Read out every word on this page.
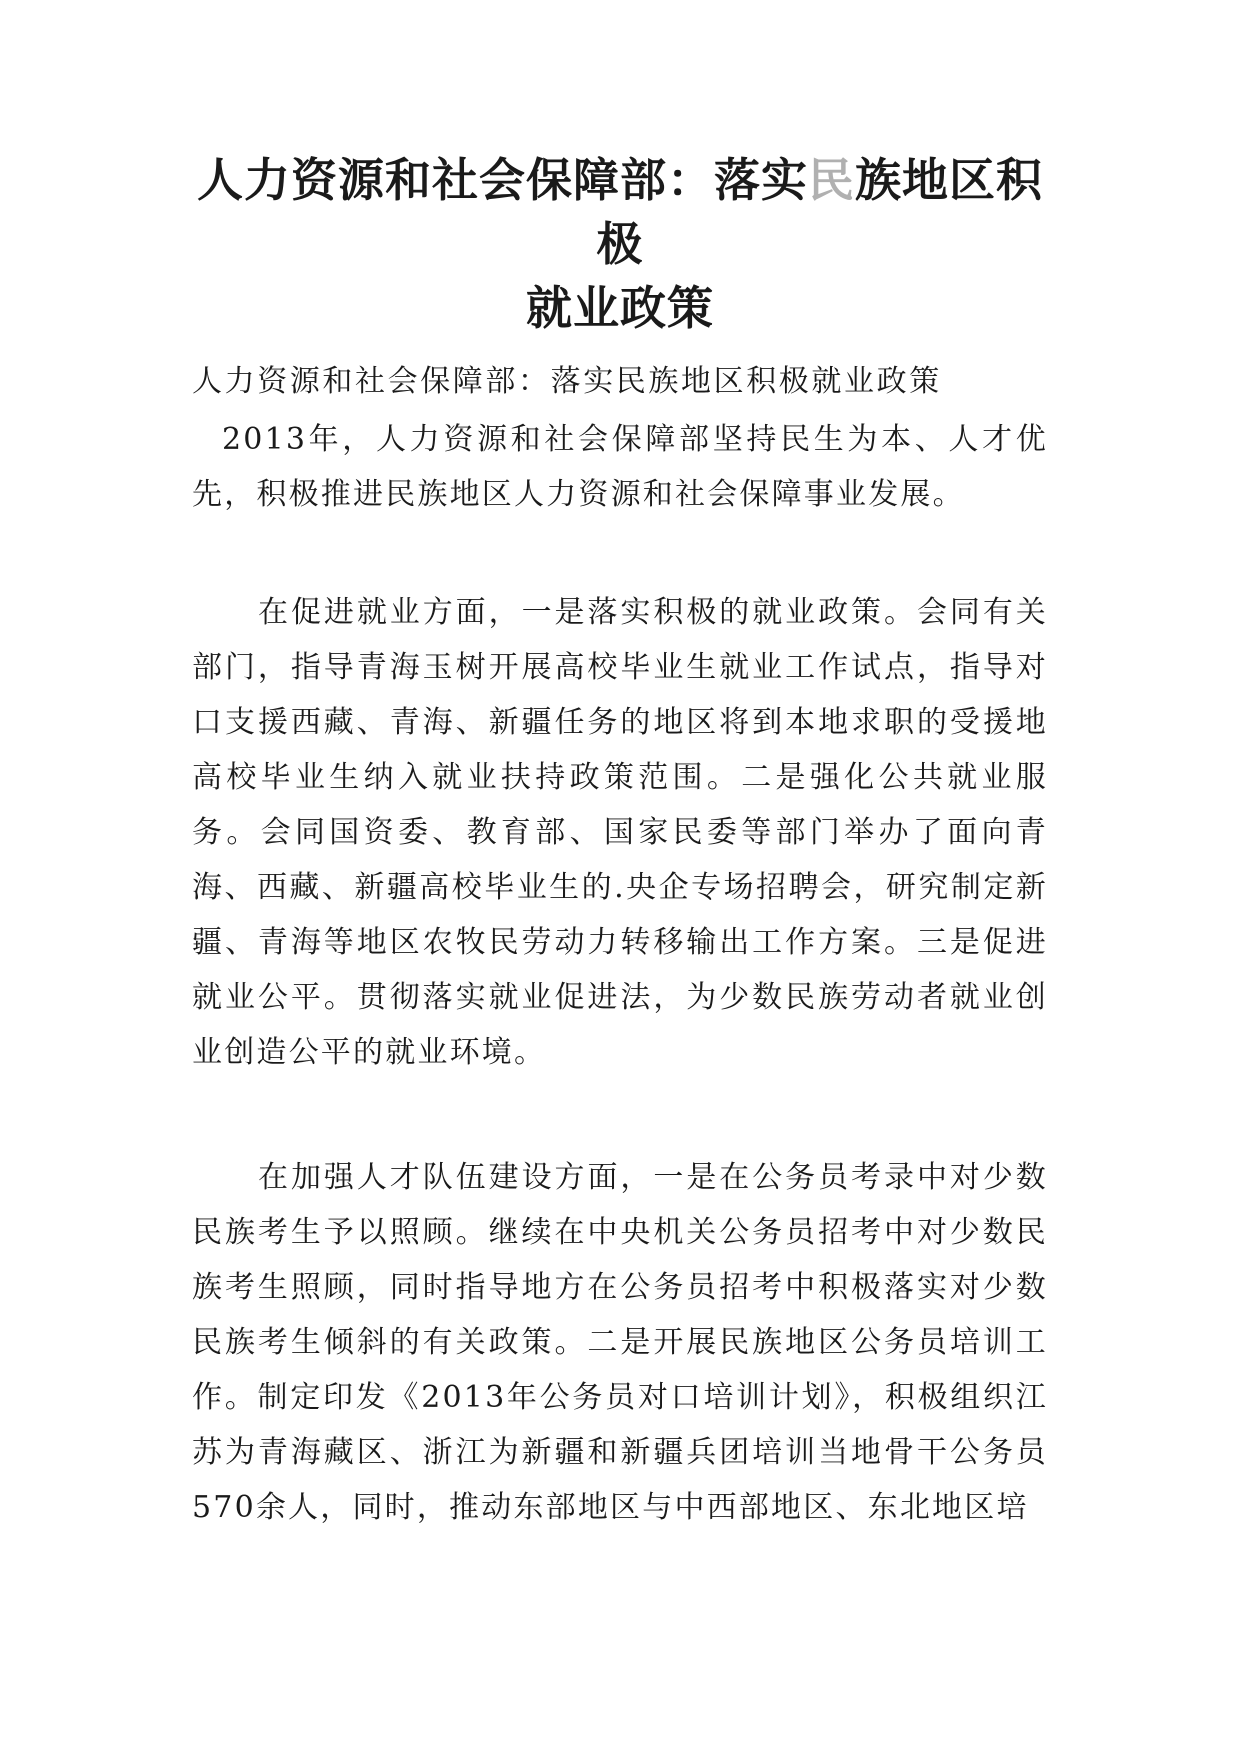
人力资源和社会保障部：落实民族地区积极
就业政策

人力资源和社会保障部：落实民族地区积极就业政策

2013年，人力资源和社会保障部坚持民生为本、人才优先，积极推进民族地区人力资源和社会保障事业发展。

在促进就业方面，一是落实积极的就业政策。会同有关部门，指导青海玉树开展高校毕业生就业工作试点，指导对口支援西藏、青海、新疆任务的地区将到本地求职的受援地高校毕业生纳入就业扶持政策范围。二是强化公共就业服务。会同国资委、教育部、国家民委等部门举办了面向青海、西藏、新疆高校毕业生的.央企专场招聘会，研究制定新疆、青海等地区农牧民劳动力转移输出工作方案。三是促进就业公平。贯彻落实就业促进法，为少数民族劳动者就业创业创造公平的就业环境。

在加强人才队伍建设方面，一是在公务员考录中对少数民族考生予以照顾。继续在中央机关公务员招考中对少数民族考生照顾，同时指导地方在公务员招考中积极落实对少数民族考生倾斜的有关政策。二是开展民族地区公务员培训工作。制定印发《2013年公务员对口培训计划》，积极组织江苏为青海藏区、浙江为新疆和新疆兵团培训当地骨干公务员570余人，同时，推动东部地区与中西部地区、东北地区培
